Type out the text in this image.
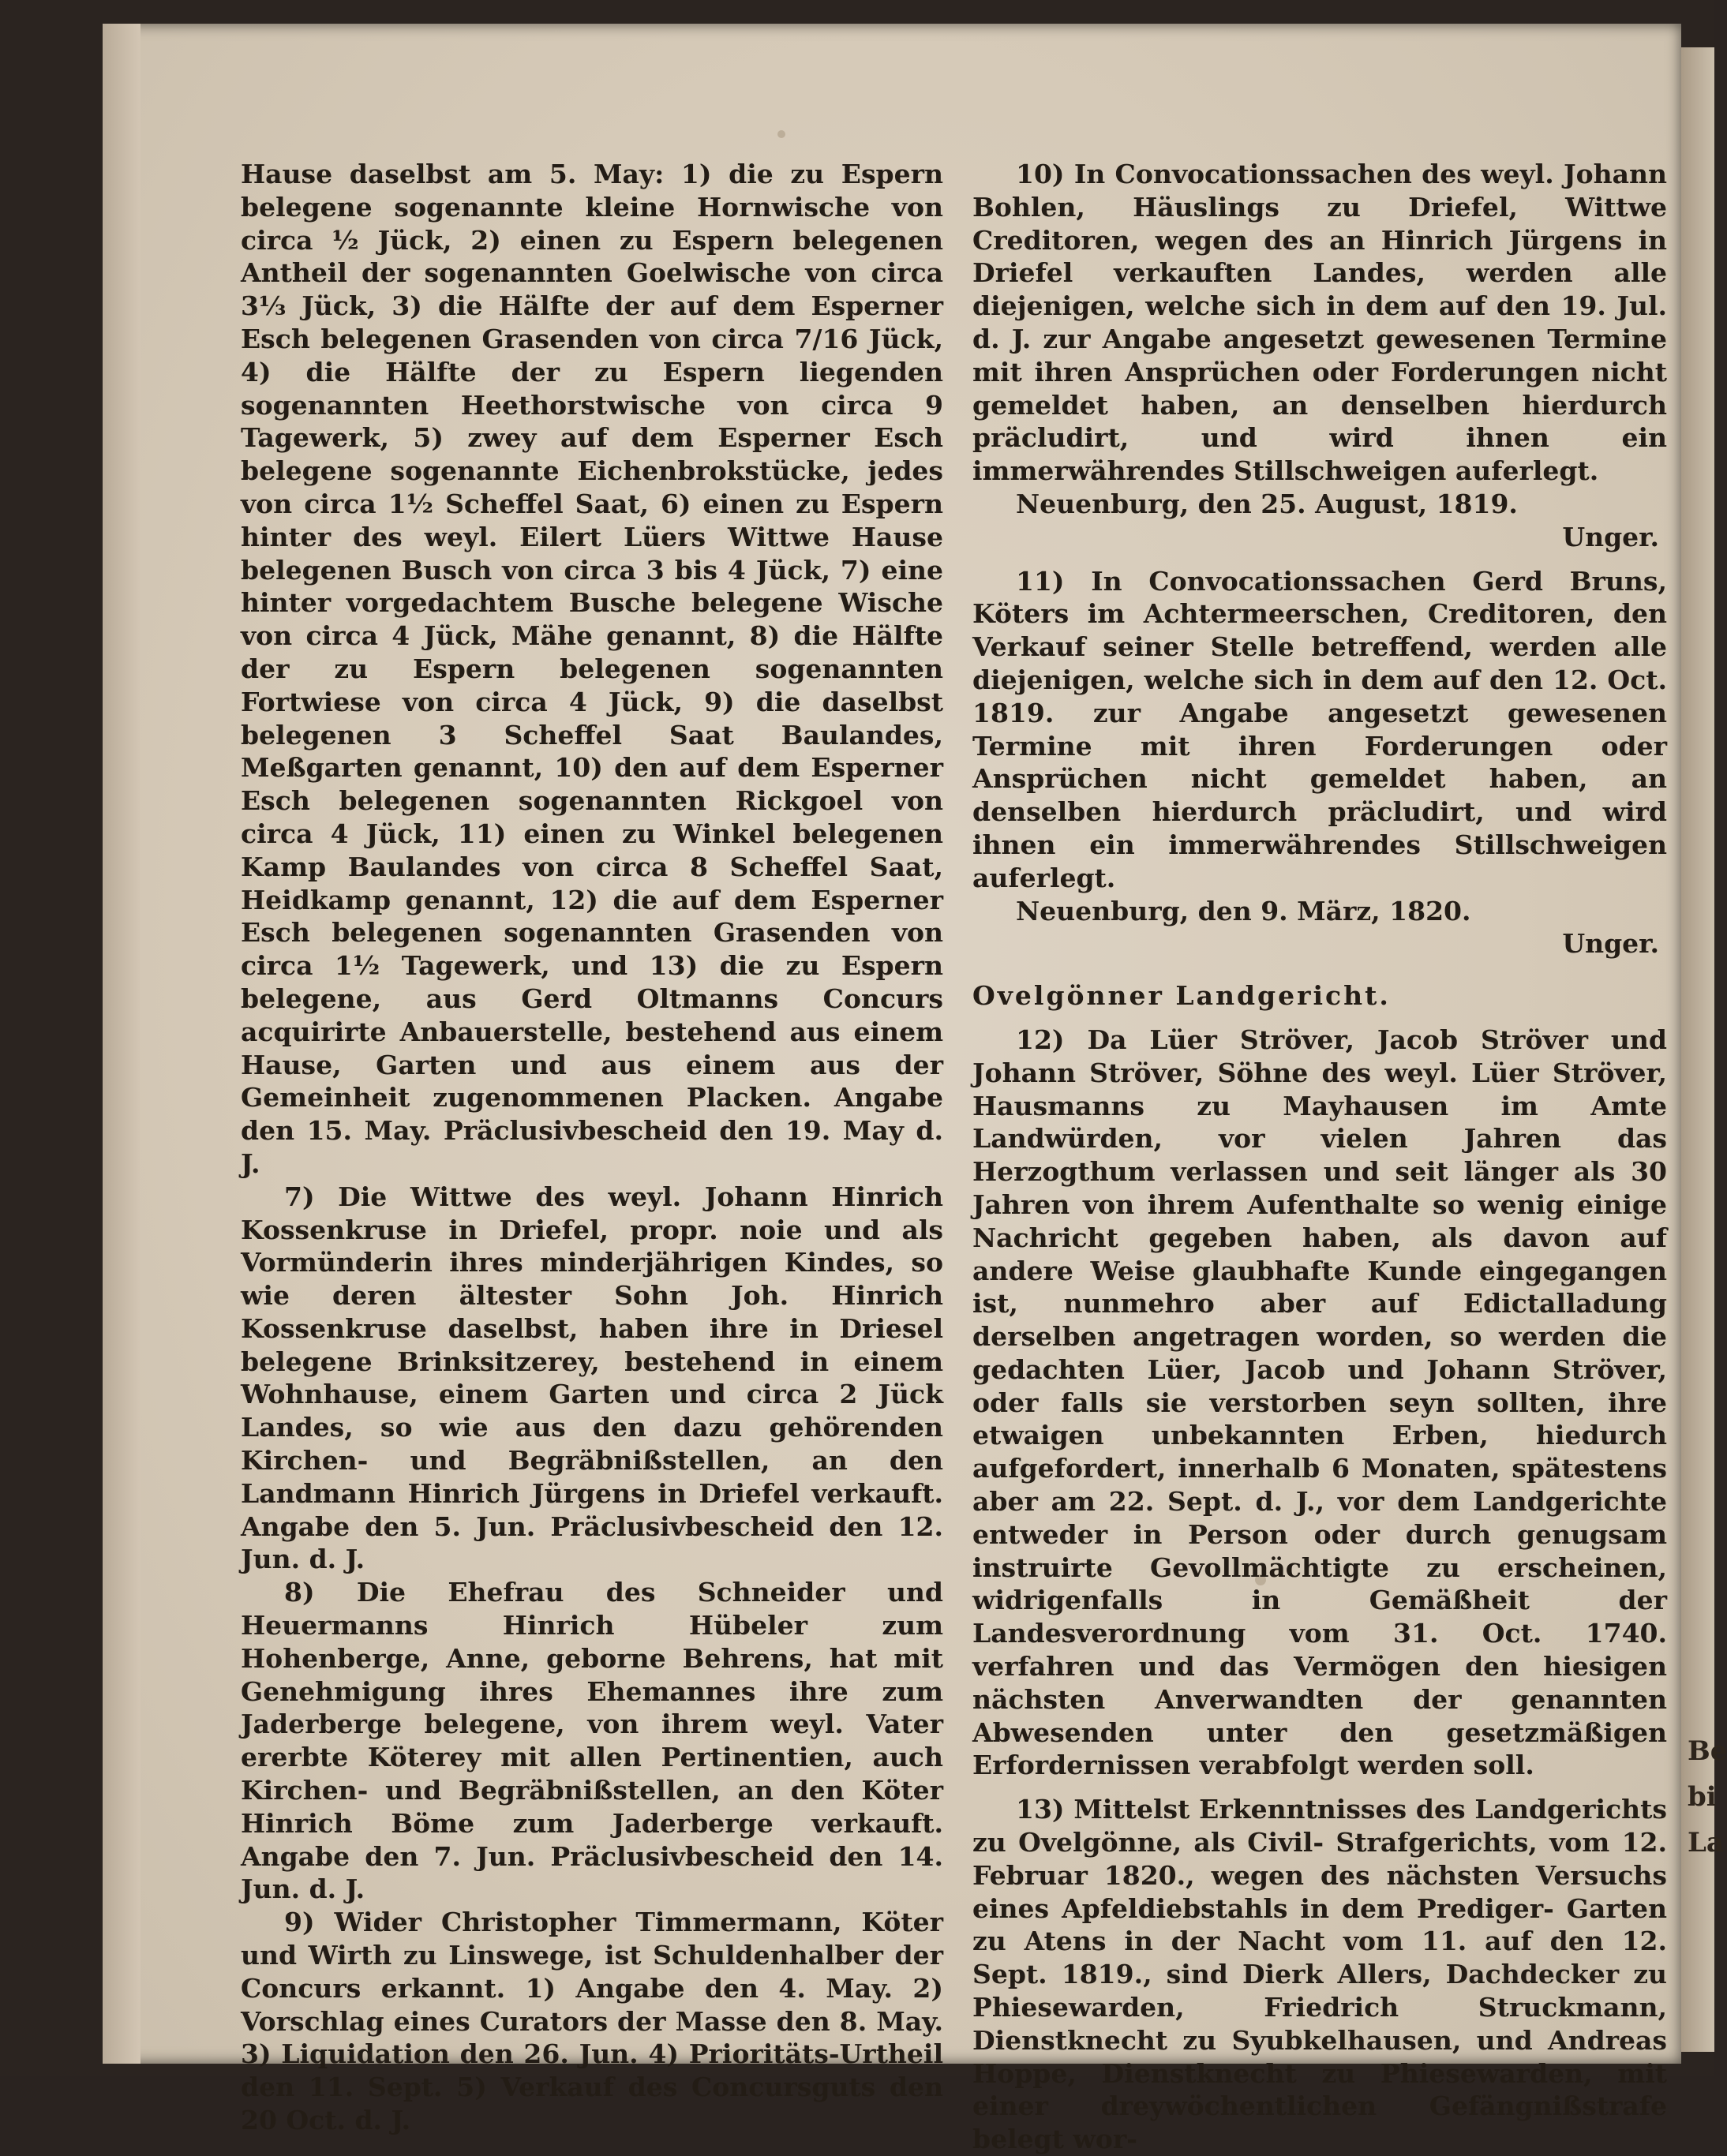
Be bi La

Hause daselbst am 5. May: 1) die zu Espern belegene sogenannte kleine Hornwische von circa ½ Jück, 2) einen zu Espern belegenen Antheil der sogenannten Goelwische von circa 3⅓ Jück, 3) die Hälfte der auf dem Esperner Esch belegenen Grasenden von circa 7/16 Jück, 4) die Hälfte der zu Espern liegenden sogenannten Heethorstwische von circa 9 Tagewerk, 5) zwey auf dem Esperner Esch belegene sogenannte Eichenbrokstücke, jedes von circa 1½ Scheffel Saat, 6) einen zu Espern hinter des weyl. Eilert Lüers Wittwe Hause belegenen Busch von circa 3 bis 4 Jück, 7) eine hinter vorgedachtem Busche belegene Wische von circa 4 Jück, Mähe genannt, 8) die Hälfte der zu Espern belegenen sogenannten Fortwiese von circa 4 Jück, 9) die daselbst belegenen 3 Scheffel Saat Baulandes, Meßgarten genannt, 10) den auf dem Esperner Esch belegenen sogenannten Rickgoel von circa 4 Jück, 11) einen zu Winkel belegenen Kamp Baulandes von circa 8 Scheffel Saat, Heidkamp genannt, 12) die auf dem Esperner Esch belegenen sogenannten Grasenden von circa 1½ Tagewerk, und 13) die zu Espern belegene, aus Gerd Oltmanns Concurs acquirirte Anbauerstelle, bestehend aus einem Hause, Garten und aus einem aus der Gemeinheit zugenommenen Placken. Angabe den 15. May. Präclusivbescheid den 19. May d. J.

7) Die Wittwe des weyl. Johann Hinrich Kossenkruse in Driefel, propr. noie und als Vormünderin ihres minderjährigen Kindes, so wie deren ältester Sohn Joh. Hinrich Kossenkruse daselbst, haben ihre in Driesel belegene Brinksitzerey, bestehend in einem Wohnhause, einem Garten und circa 2 Jück Landes, so wie aus den dazu gehörenden Kirchen- und Begräbnißstellen, an den Landmann Hinrich Jürgens in Driefel verkauft. Angabe den 5. Jun. Präclusivbescheid den 12. Jun. d. J.

8) Die Ehefrau des Schneider und Heuermanns Hinrich Hübeler zum Hohenberge, Anne, geborne Behrens, hat mit Genehmigung ihres Ehemannes ihre zum Jaderberge belegene, von ihrem weyl. Vater ererbte Köterey mit allen Pertinentien, auch Kirchen- und Begräbnißstellen, an den Köter Hinrich Böme zum Jaderberge verkauft. Angabe den 7. Jun. Präclusivbescheid den 14. Jun. d. J.

9) Wider Christopher Timmermann, Köter und Wirth zu Linswege, ist Schuldenhalber der Concurs erkannt. 1) Angabe den 4. May. 2) Vorschlag eines Curators der Masse den 8. May. 3) Liquidation den 26. Jun. 4) Prioritäts-Urtheil den 11. Sept. 5) Verkauf des Concursguts den 20 Oct. d. J.

10) In Convocationssachen des weyl. Johann Bohlen, Häuslings zu Driefel, Wittwe Creditoren, wegen des an Hinrich Jürgens in Driefel verkauften Landes, werden alle diejenigen, welche sich in dem auf den 19. Jul. d. J. zur Angabe angesetzt gewesenen Termine mit ihren Ansprüchen oder Forderungen nicht gemeldet haben, an denselben hierdurch präcludirt, und wird ihnen ein immerwährendes Stillschweigen auferlegt.

Neuenburg, den 25. August, 1819.

Unger.

11) In Convocationssachen Gerd Bruns, Köters im Achtermeerschen, Creditoren, den Verkauf seiner Stelle betreffend, werden alle diejenigen, welche sich in dem auf den 12. Oct. 1819. zur Angabe angesetzt gewesenen Termine mit ihren Forderungen oder Ansprüchen nicht gemeldet haben, an denselben hierdurch präcludirt, und wird ihnen ein immerwährendes Stillschweigen auferlegt.

Neuenburg, den 9. März, 1820.

Unger.

Ovelgönner Landgericht.

12) Da Lüer Ströver, Jacob Ströver und Johann Ströver, Söhne des weyl. Lüer Ströver, Hausmanns zu Mayhausen im Amte Landwürden, vor vielen Jahren das Herzogthum verlassen und seit länger als 30 Jahren von ihrem Aufenthalte so wenig einige Nachricht gegeben haben, als davon auf andere Weise glaubhafte Kunde eingegangen ist, nunmehro aber auf Edictalladung derselben angetragen worden, so werden die gedachten Lüer, Jacob und Johann Ströver, oder falls sie verstorben seyn sollten, ihre etwaigen unbekannten Erben, hiedurch aufgefordert, innerhalb 6 Monaten, spätestens aber am 22. Sept. d. J., vor dem Landgerichte entweder in Person oder durch genugsam instruirte Gevollmächtigte zu erscheinen, widrigenfalls in Gemäßheit der Landesverordnung vom 31. Oct. 1740. verfahren und das Vermögen den hiesigen nächsten Anverwandten der genannten Abwesenden unter den gesetzmäßigen Erfordernissen verabfolgt werden soll.

13) Mittelst Erkenntnisses des Landgerichts zu Ovelgönne, als Civil- Strafgerichts, vom 12. Februar 1820., wegen des nächsten Versuchs eines Apfeldiebstahls in dem Prediger- Garten zu Atens in der Nacht vom 11. auf den 12. Sept. 1819., sind Dierk Allers, Dachdecker zu Phiesewarden, Friedrich Struckmann, Dienstknecht zu Syubkelhausen, und Andreas Hoppe, Dienstknecht zu Phiesewarden, mit einer dreywöchentlichen Gefängnißstrafe belegt wor-
